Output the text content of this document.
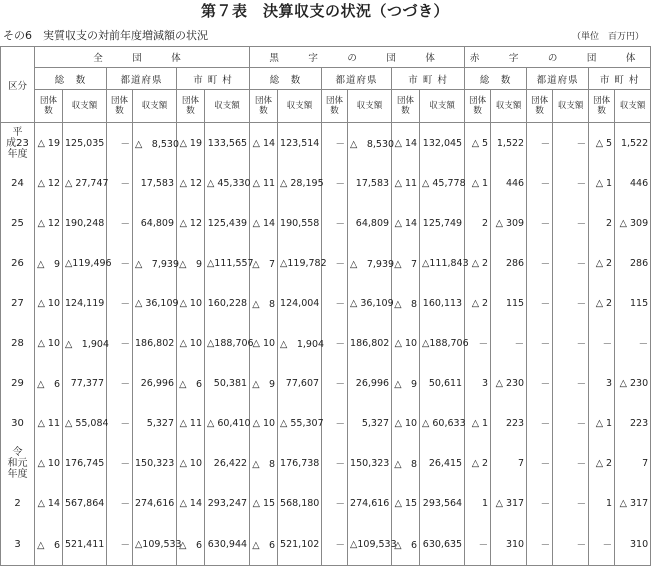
第７表　決算収支の状況（つづき）
その6　実質収支の対前年度増減額の状況	（単位　百万円）
区分	全　団　体						黒　字　の　団　体						赤　字　の　団　体					
	総　数		都道府県		市 町 村		総　数		都道府県		市 町 村		総　数		都道府県		市 町 村	
	団体数	収支額	団体数	収支額	団体数	収支額	団体数	収支額	団体数	収支額	団体数	収支額	団体数	収支額	団体数	収支額	団体数	収支額
平　成23年度	△ 19	125,035	－	△　8,530	△ 19	133,565	△ 14	123,514	－	△　8,530	△ 14	132,045	△ 5	1,522	－	－	△ 5	1,522
24	△ 12	△ 27,747	－	17,583	△ 12	△ 45,330	△ 11	△ 28,195	－	17,583	△ 11	△ 45,778	△ 1	446	－	－	△ 1	446
25	△ 12	190,248	－	64,809	△ 12	125,439	△ 14	190,558	－	64,809	△ 14	125,749	2	△ 309	－	－	2	△ 309
26	△　9	△119,496	－	△　7,939	△　9	△111,557	△　7	△119,782	－	△　7,939	△　7	△111,843	△ 2	286	－	－	△ 2	286
27	△ 10	124,119	－	△ 36,109	△ 10	160,228	△　8	124,004	－	△ 36,109	△　8	160,113	△ 2	115	－	－	△ 2	115
28	△ 10	△　1,904	－	186,802	△ 10	△188,706	△ 10	△　1,904	－	186,802	△ 10	△188,706	－	－	－	－	－	－
29	△　6	77,377	－	26,996	△　6	50,381	△　9	77,607	－	26,996	△　9	50,611	3	△ 230	－	－	3	△ 230
30	△ 11	△ 55,084	－	5,327	△ 11	△ 60,410	△ 10	△ 55,307	－	5,327	△ 10	△ 60,633	△ 1	223	－	－	△ 1	223
令　和元年度	△ 10	176,745	－	150,323	△ 10	26,422	△　8	176,738	－	150,323	△　8	26,415	△ 2	7	－	－	△ 2	7
2	△ 14	567,864	－	274,616	△ 14	293,247	△ 15	568,180	－	274,616	△ 15	293,564	1	△ 317	－	－	1	△ 317
3	△　6	521,411	－	△109,533	△　6	630,944	△　6	521,102	－	△109,533	△　6	630,635	－	310	－	－	－	310
